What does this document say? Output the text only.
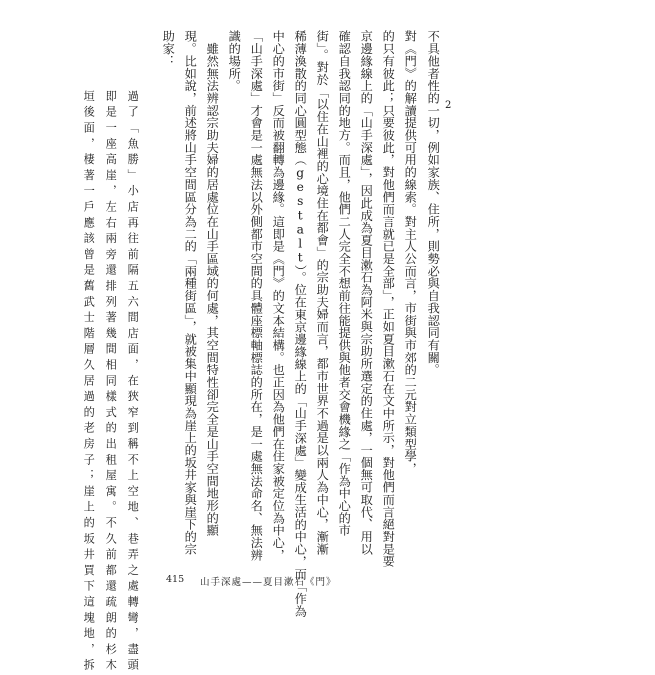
不具他者性的一切，例如家族、住所，則勢必與自我認同有關。
對《門》的解讀提供可用的線索。對主人公而言，市街與市郊的二元對立類型學，
的只有彼此；只要彼此，對他們而言就已是全部」，正如夏目漱石在文中所示，對他們而言絕對是要
京邊緣線上的「山手深處」，因此成為夏目漱石為阿米與宗助所選定的住處，一個無可取代、用以
確認自我認同的地方。而且，他們二人完全不想前往能提供與他者交會機緣之「作為中心的市
街」。對於「以住在山裡的心境住在都會」的宗助夫婦而言，都市世界不過是以兩人為中心，漸漸
稀薄渙散的同心圓型態（gestalt）。位在東京邊緣線上的「山手深處」變成生活的中心，而「作為
中心的市街」反而被翻轉為邊緣。這即是《門》的文本結構。也正因為他們在住家被定位為中心，
「山手深處」才會是一處無法以外側都市空間的具體座標軸標誌的所在，是一處無法命名、無法辨
識的場所。
　雖然無法辨認宗助夫婦的居處位在山手區域的何處，其空間特性卻完全是山手空間地形的顯
現。比如說，前述將山手空間區分為二的「兩種街區」，就被集中顯現為崖上的坂井家與崖下的宗
助家：
過了「魚勝」小店再往前隔五六間店面，在狹窄到稱不上空地、巷弄之處轉彎，盡頭
即是一座高崖，左右兩旁還排列著幾間相同樣式的出租屋寓。不久前都還疏朗的杉木
垣後面，棲著一戶應該曾是舊武士階層久居過的老房子；崖上的坂井買下這塊地，拆	2
415 山手深處——夏目漱石《門》
